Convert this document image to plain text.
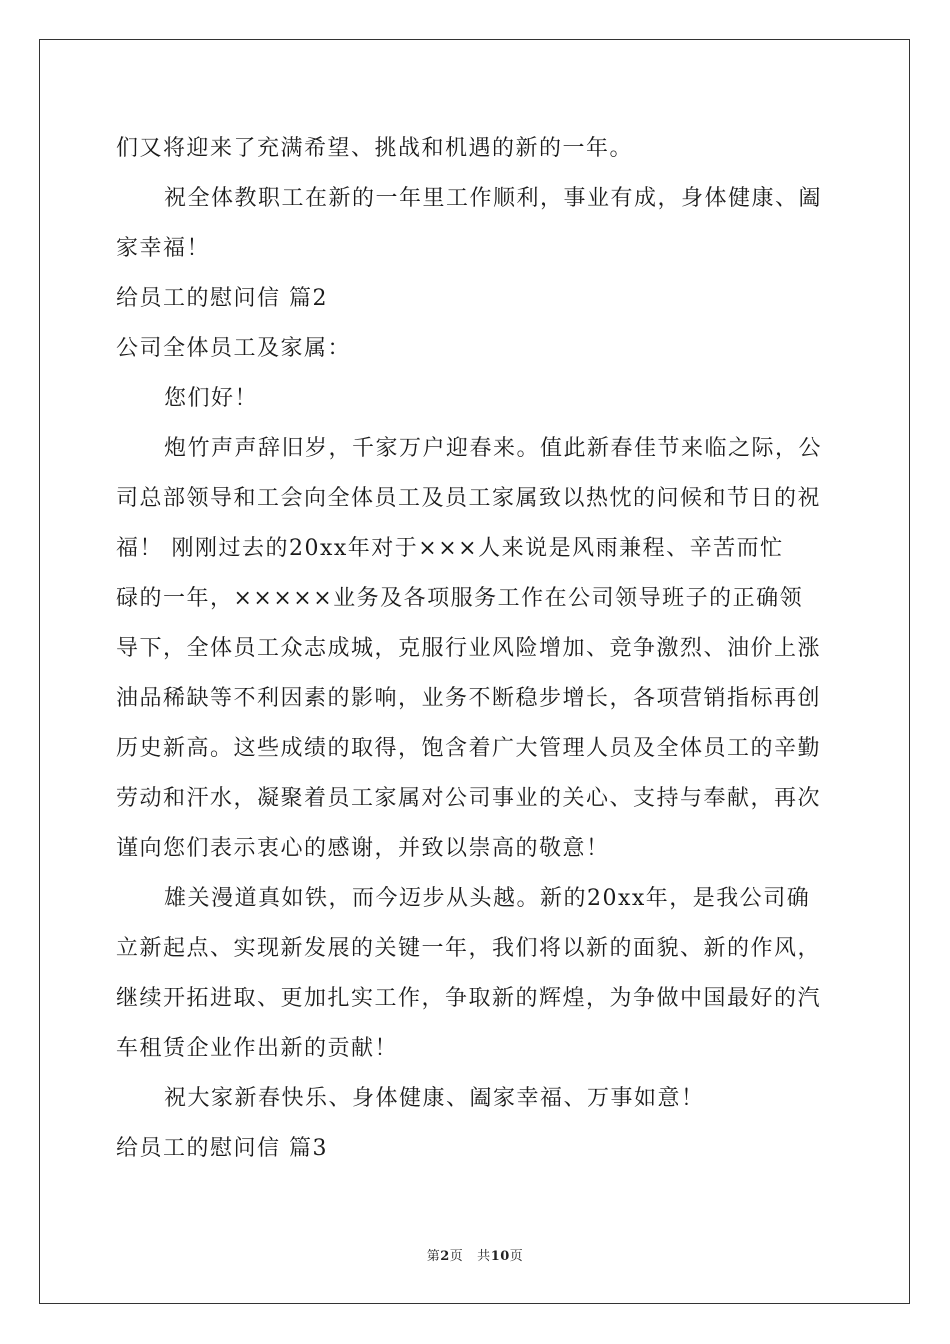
们又将迎来了充满希望、挑战和机遇的新的一年。
祝全体教职工在新的一年里工作顺利，事业有成，身体健康、阖
家幸福！
给员工的慰问信 篇2
公司全体员工及家属：
您们好！
炮竹声声辞旧岁，千家万户迎春来。值此新春佳节来临之际，公
司总部领导和工会向全体员工及员工家属致以热忱的问候和节日的祝
福！ 刚刚过去的20xx年对于×××人来说是风雨兼程、辛苦而忙
碌的一年，×××××业务及各项服务工作在公司领导班子的正确领
导下，全体员工众志成城，克服行业风险增加、竞争激烈、油价上涨
油品稀缺等不利因素的影响，业务不断稳步增长，各项营销指标再创
历史新高。这些成绩的取得，饱含着广大管理人员及全体员工的辛勤
劳动和汗水，凝聚着员工家属对公司事业的关心、支持与奉献，再次
谨向您们表示衷心的感谢，并致以崇高的敬意！
雄关漫道真如铁，而今迈步从头越。新的20xx年，是我公司确
立新起点、实现新发展的关键一年，我们将以新的面貌、新的作风，
继续开拓进取、更加扎实工作，争取新的辉煌，为争做中国最好的汽
车租赁企业作出新的贡献！
祝大家新春快乐、身体健康、阖家幸福、万事如意！
给员工的慰问信 篇3
第2页 共10页
